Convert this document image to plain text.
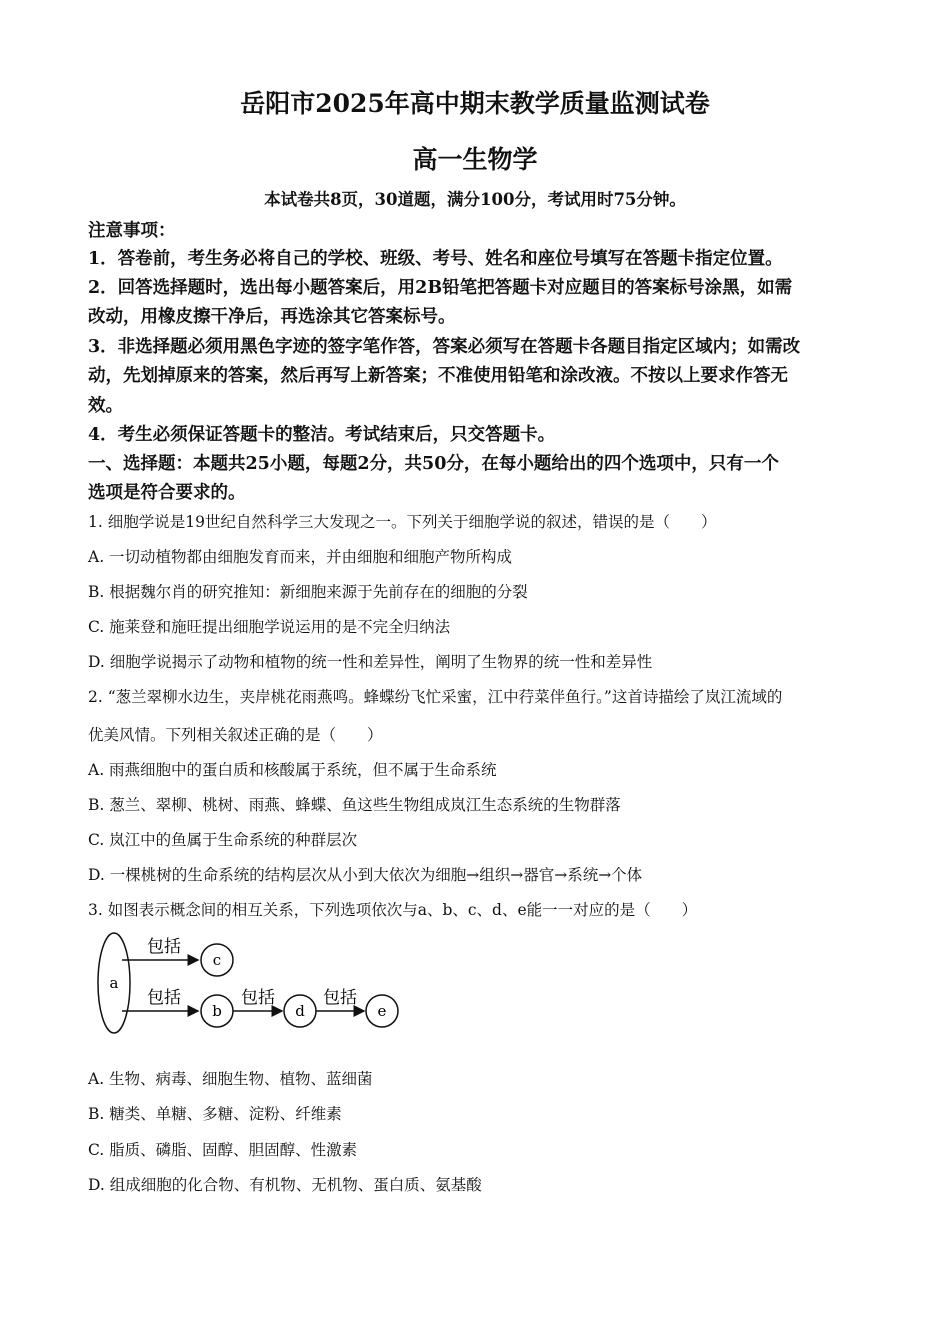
岳阳市2025年高中期末教学质量监测试卷
高一生物学
本试卷共8页，30道题，满分100分，考试用时75分钟。
注意事项：
1．答卷前，考生务必将自己的学校、班级、考号、姓名和座位号填写在答题卡指定位置。
2．回答选择题时，选出每小题答案后，用2B铅笔把答题卡对应题目的答案标号涂黑，如需
改动，用橡皮擦干净后，再选涂其它答案标号。
3．非选择题必须用黑色字迹的签字笔作答，答案必须写在答题卡各题目指定区域内；如需改
动，先划掉原来的答案，然后再写上新答案；不准使用铅笔和涂改液。不按以上要求作答无
效。
4．考生必须保证答题卡的整洁。考试结束后，只交答题卡。
一、选择题：本题共25小题，每题2分，共50分，在每小题给出的四个选项中，只有一个
选项是符合要求的。
1. 细胞学说是19世纪自然科学三大发现之一。下列关于细胞学说的叙述，错误的是（　　）
A. 一切动植物都由细胞发育而来，并由细胞和细胞产物所构成
B. 根据魏尔肖的研究推知：新细胞来源于先前存在的细胞的分裂
C. 施莱登和施旺提出细胞学说运用的是不完全归纳法
D. 细胞学说揭示了动物和植物的统一性和差异性，阐明了生物界的统一性和差异性
2. “葱兰翠柳水边生，夹岸桃花雨燕鸣。蜂蝶纷飞忙采蜜，江中荇菜伴鱼行。”这首诗描绘了岚江流域的
优美风情。下列相关叙述正确的是（　　）
A. 雨燕细胞中的蛋白质和核酸属于系统，但不属于生命系统
B. 葱兰、翠柳、桃树、雨燕、蜂蝶、鱼这些生物组成岚江生态系统的生物群落
C. 岚江中的鱼属于生命系统的种群层次
D. 一棵桃树的生命系统的结构层次从小到大依次为细胞→组织→器官→系统→个体
3. 如图表示概念间的相互关系，下列选项依次与a、b、c、d、e能一一对应的是（　　）
a
包括
c
包括
b
包括
d
包括
e
A. 生物、病毒、细胞生物、植物、蓝细菌
B. 糖类、单糖、多糖、淀粉、纤维素
C. 脂质、磷脂、固醇、胆固醇、性激素
D. 组成细胞的化合物、有机物、无机物、蛋白质、氨基酸
